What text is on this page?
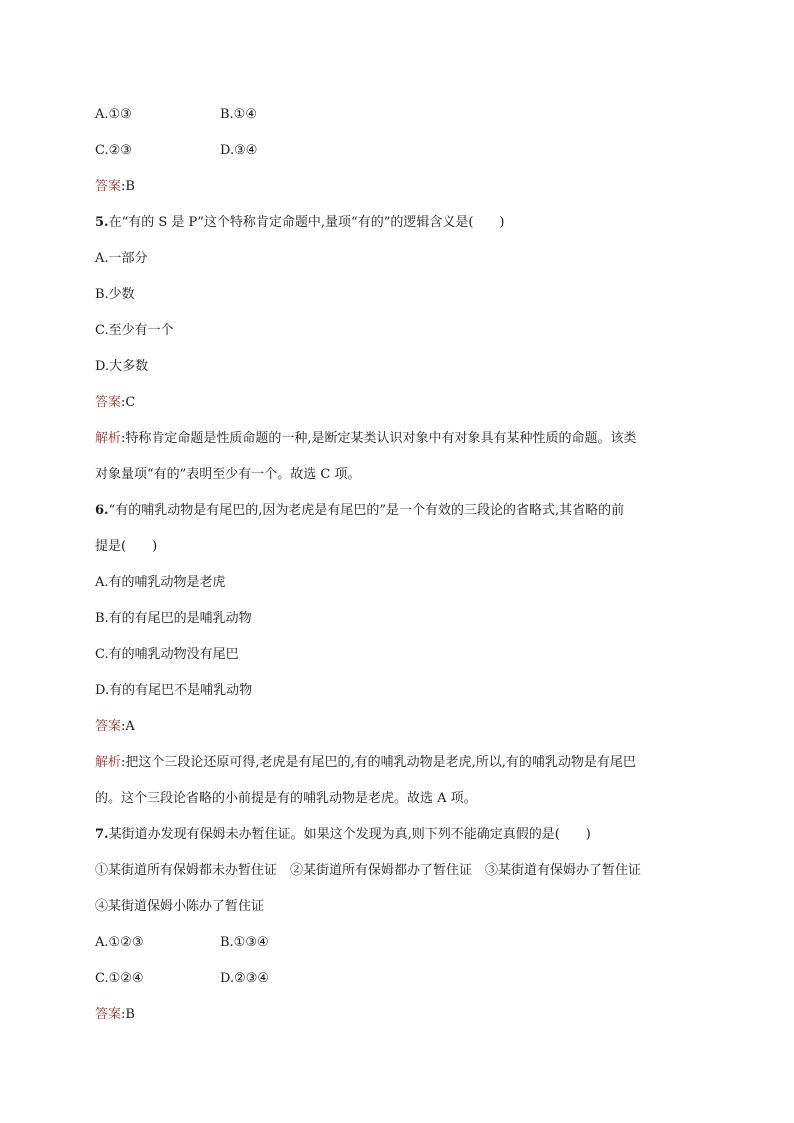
A.①③	B.①④
C.②③	D.③④
答案:B
5.在“有的 S 是 P”这个特称肯定命题中,量项“有的”的逻辑含义是(　　)
A.一部分
B.少数
C.至少有一个
D.大多数
答案:C
解析:特称肯定命题是性质命题的一种,是断定某类认识对象中有对象具有某种性质的命题。该类
对象量项“有的”表明至少有一个。故选 C 项。
6.“有的哺乳动物是有尾巴的,因为老虎是有尾巴的”是一个有效的三段论的省略式,其省略的前
提是(　　)
A.有的哺乳动物是老虎
B.有的有尾巴的是哺乳动物
C.有的哺乳动物没有尾巴
D.有的有尾巴不是哺乳动物
答案:A
解析:把这个三段论还原可得,老虎是有尾巴的,有的哺乳动物是老虎,所以,有的哺乳动物是有尾巴
的。这个三段论省略的小前提是有的哺乳动物是老虎。故选 A 项。
7.某街道办发现有保姆未办暂住证。如果这个发现为真,则下列不能确定真假的是(　　)
①某街道所有保姆都未办暂住证　②某街道所有保姆都办了暂住证　③某街道有保姆办了暂住证
④某街道保姆小陈办了暂住证
A.①②③	B.①③④
C.①②④	D.②③④
答案:B
